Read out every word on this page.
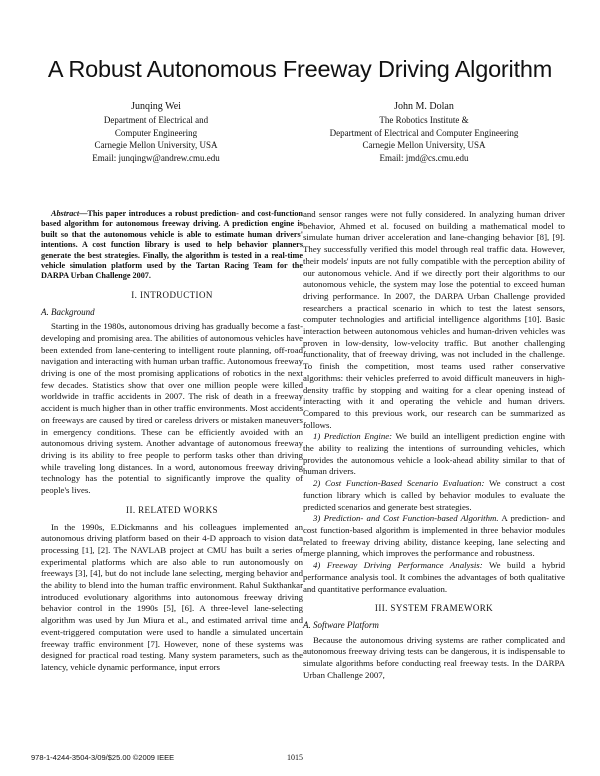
A Robust Autonomous Freeway Driving Algorithm
Junqing Wei
Department of Electrical and
Computer Engineering
Carnegie Mellon University, USA
Email: junqingw@andrew.cmu.edu
John M. Dolan
The Robotics Institute &
Department of Electrical and Computer Engineering
Carnegie Mellon University, USA
Email: jmd@cs.cmu.edu

Abstract—This paper introduces a robust prediction- and cost-function based algorithm for autonomous freeway driving. A prediction engine is built so that the autonomous vehicle is able to estimate human drivers' intentions. A cost function library is used to help behavior planners generate the best strategies. Finally, the algorithm is tested in a real-time vehicle simulation platform used by the Tartan Racing Team for the DARPA Urban Challenge 2007.

I. INTRODUCTION
A. Background

Starting in the 1980s, autonomous driving has gradually become a fast-developing and promising area. The abilities of autonomous vehicles have been extended from lane-centering to intelligent route planning, off-road navigation and interacting with human urban traffic. Autonomous freeway driving is one of the most promising applications of robotics in the next few decades. Statistics show that over one million people were killed worldwide in traffic accidents in 2007. The risk of death in a freeway accident is much higher than in other traffic environments. Most accidents on freeways are caused by tired or careless drivers or mistaken maneuvers in emergency conditions. These can be efficiently avoided with an autonomous driving system. Another advantage of autonomous freeway driving is its ability to free people to perform tasks other than driving while traveling long distances. In a word, autonomous freeway driving technology has the potential to significantly improve the quality of people's lives.

II. RELATED WORKS

In the 1990s, E.Dickmanns and his colleagues implemented an autonomous driving platform based on their 4-D approach to vision data processing [1], [2]. The NAVLAB project at CMU has built a series of experimental platforms which are also able to run autonomously on freeways [3], [4], but do not include lane selecting, merging behavior and the ability to blend into the human traffic environment. Rahul Sukthankar introduced evolutionary algorithms into autonomous freeway driving behavior control in the 1990s [5], [6]. A three-level lane-selecting algorithm was used by Jun Miura et al., and estimated arrival time and event-triggered computation were used to handle a simulated uncertain freeway traffic environment [7]. However, none of these systems was designed for practical road testing. Many system parameters, such as the latency, vehicle dynamic performance, input errors

and sensor ranges were not fully considered. In analyzing human driver behavior, Ahmed et al. focused on building a mathematical model to simulate human driver acceleration and lane-changing behavior [8], [9]. They successfully verified this model through real traffic data. However, their models' inputs are not fully compatible with the perception ability of our autonomous vehicle. And if we directly port their algorithms to our autonomous vehicle, the system may lose the potential to exceed human driving performance. In 2007, the DARPA Urban Challenge provided researchers a practical scenario in which to test the latest sensors, computer technologies and artificial intelligence algorithms [10]. Basic interaction between autonomous vehicles and human-driven vehicles was proven in low-density, low-velocity traffic. But another challenging functionality, that of freeway driving, was not included in the challenge. To finish the competition, most teams used rather conservative algorithms: their vehicles preferred to avoid difficult maneuvers in high-density traffic by stopping and waiting for a clear opening instead of interacting with it and operating the vehicle and human drivers. Compared to this previous work, our research can be summarized as follows.

1) Prediction Engine: We build an intelligent prediction engine with the ability to realizing the intentions of surrounding vehicles, which provides the autonomous vehicle a look-ahead ability similar to that of human drivers.

2) Cost Function-Based Scenario Evaluation: We construct a cost function library which is called by behavior modules to evaluate the predicted scenarios and generate best strategies.

3) Prediction- and Cost Function-based Algorithm. A prediction- and cost function-based algorithm is implemented in three behavior modules related to freeway driving ability, distance keeping, lane selecting and merge planning, which improves the performance and robustness.

4) Freeway Driving Performance Analysis: We build a hybrid performance analysis tool. It combines the advantages of both qualitative and quantitative performance evaluation.

III. SYSTEM FRAMEWORK
A. Software Platform

Because the autonomous driving systems are rather complicated and autonomous freeway driving tests can be dangerous, it is indispensable to simulate algorithms before conducting real freeway tests. In the DARPA Urban Challenge 2007,

978-1-4244-3504-3/09/$25.00 ©2009 IEEE	1015
